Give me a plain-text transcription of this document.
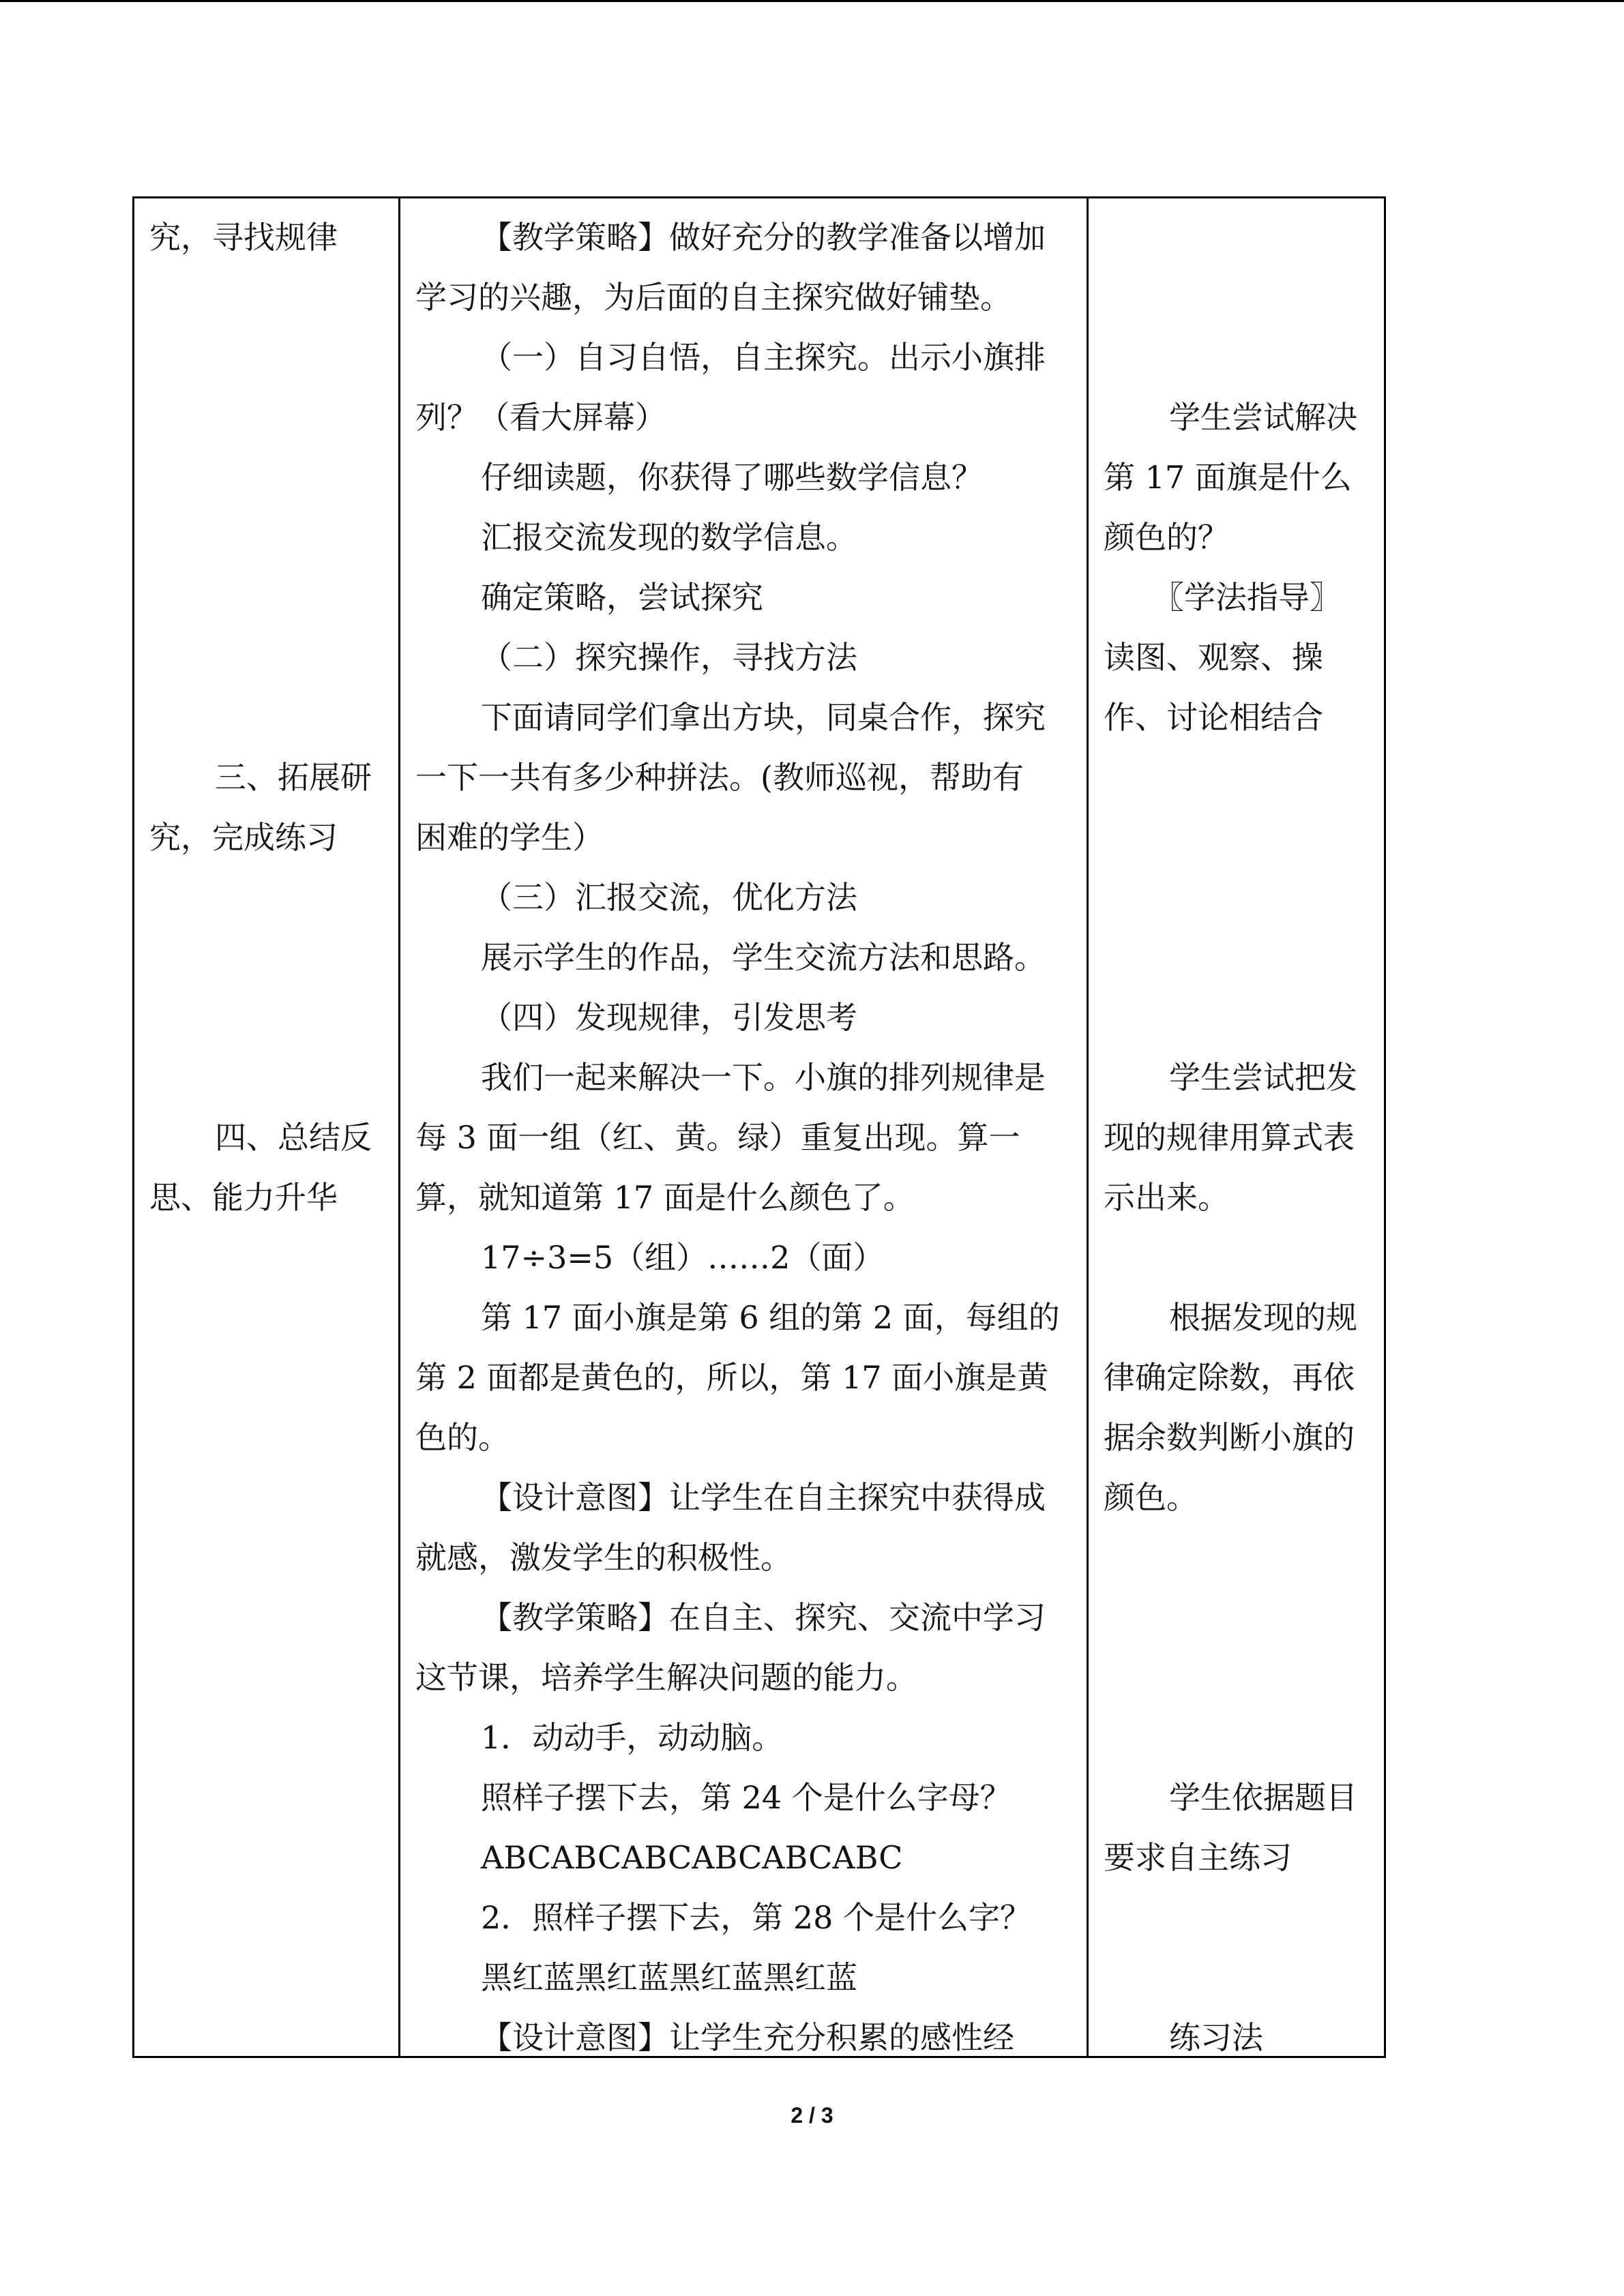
究，寻找规律
三、拓展研
究，完成练习
四、总结反
思、能力升华
【教学策略】做好充分的教学准备以增加
学习的兴趣，为后面的自主探究做好铺垫。
（一）自习自悟，自主探究。出示小旗排
列？（看大屏幕）
仔细读题，你获得了哪些数学信息？
汇报交流发现的数学信息。
确定策略，尝试探究
（二）探究操作，寻找方法
下面请同学们拿出方块，同桌合作，探究
一下一共有多少种拼法。(教师巡视，帮助有
困难的学生）
（三）汇报交流，优化方法
展示学生的作品，学生交流方法和思路。
（四）发现规律，引发思考
我们一起来解决一下。小旗的排列规律是
每 3 面一组（红、黄。绿）重复出现。算一
算，就知道第 17 面是什么颜色了。
17÷3=5（组）……2（面）
第 17 面小旗是第 6 组的第 2 面，每组的
第 2 面都是黄色的，所以，第 17 面小旗是黄
色的。
【设计意图】让学生在自主探究中获得成
就感，激发学生的积极性。
【教学策略】在自主、探究、交流中学习
这节课，培养学生解决问题的能力。
1．动动手，动动脑。
照样子摆下去，第 24 个是什么字母？
ABCABCABCABCABCABC
2．照样子摆下去，第 28 个是什么字？
黑红蓝黑红蓝黑红蓝黑红蓝
【设计意图】让学生充分积累的感性经
学生尝试解决
第 17 面旗是什么
颜色的？
〖学法指导〗
读图、观察、操
作、讨论相结合
学生尝试把发
现的规律用算式表
示出来。
根据发现的规
律确定除数，再依
据余数判断小旗的
颜色。
学生依据题目
要求自主练习
练习法
2 / 3
